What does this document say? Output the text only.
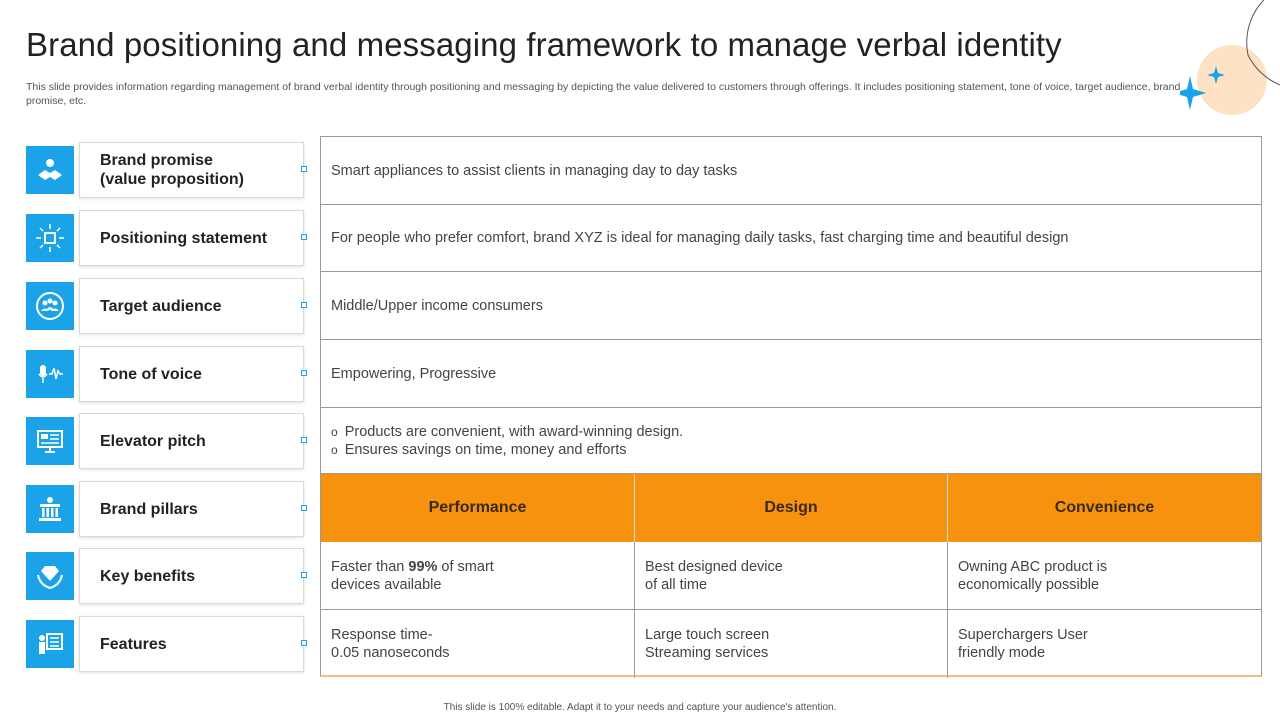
Brand positioning and messaging framework to manage verbal identity
This slide provides information regarding management of brand verbal identity through positioning and messaging by depicting the value delivered to customers through offerings. It includes positioning statement, tone of voice, target audience, brand promise, etc.
Brand promise
(value proposition)
Positioning statement
Target audience
Tone of voice
Elevator pitch
Brand pillars
Key benefits
Features
Smart appliances to assist clients in managing day to day tasks
For people who prefer comfort, brand XYZ is ideal for managing daily tasks, fast charging time and beautiful design
Middle/Upper income consumers
Empowering, Progressive
o Products are convenient, with award-winning design.
o Ensures savings on time, money and efforts
Performance	Design	Convenience
Faster than 99% of smart
devices available
Best designed device
of all time
Owning ABC product is
economically possible
Response time-
0.05 nanoseconds
Large touch screen
Streaming services
Superchargers User
friendly mode
This slide is 100% editable. Adapt it to your needs and capture your audience's attention.
